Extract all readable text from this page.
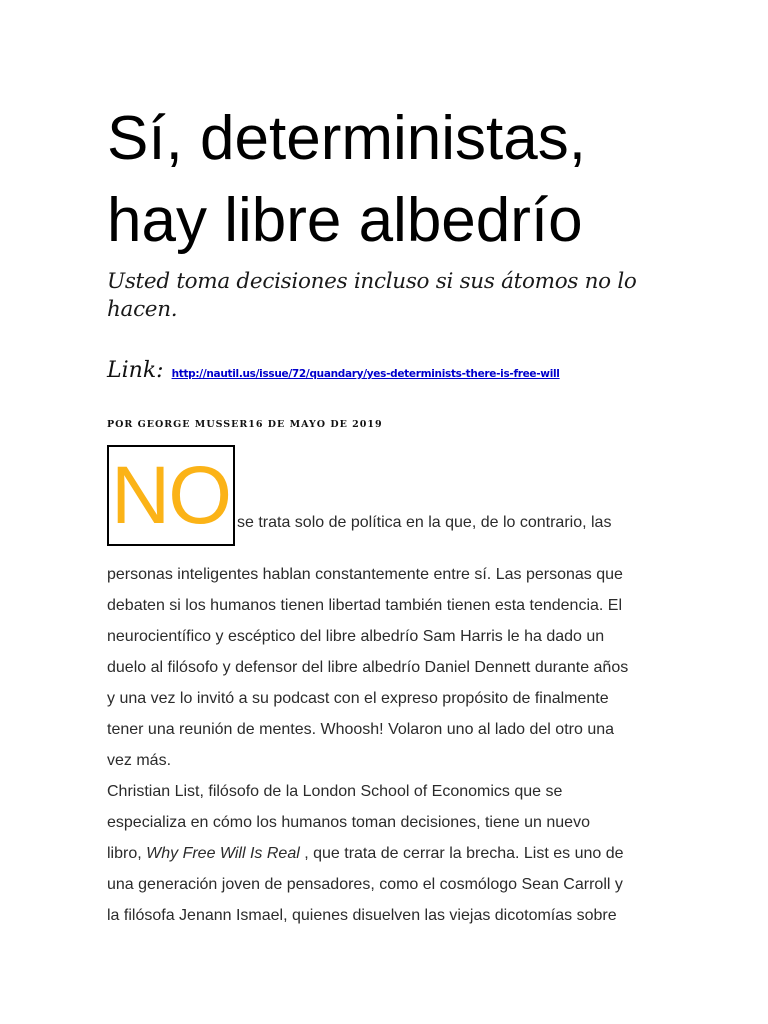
Sí, deterministas,
hay libre albedrío

Usted toma decisiones incluso si sus átomos no lo hacen.

Link: http://nautil.us/issue/72/quandary/yes-determinists-there-is-free-will

POR GEORGE MUSSER16 DE MAYO DE 2019

NO se trata solo de política en la que, de lo contrario, las

personas inteligentes hablan constantemente entre sí. Las personas que
debaten si los humanos tienen libertad también tienen esta tendencia. El
neurocientífico y escéptico del libre albedrío Sam Harris le ha dado un
duelo al filósofo y defensor del libre albedrío Daniel Dennett durante años
y una vez lo invitó a su podcast con el expreso propósito de finalmente
tener una reunión de mentes. Whoosh! Volaron uno al lado del otro una
vez más.

Christian List, filósofo de la London School of Economics que se
especializa en cómo los humanos toman decisiones, tiene un nuevo
libro, Why Free Will Is Real , que trata de cerrar la brecha. List es uno de
una generación joven de pensadores, como el cosmólogo Sean Carroll y
la filósofa Jenann Ismael, quienes disuelven las viejas dicotomías sobre
